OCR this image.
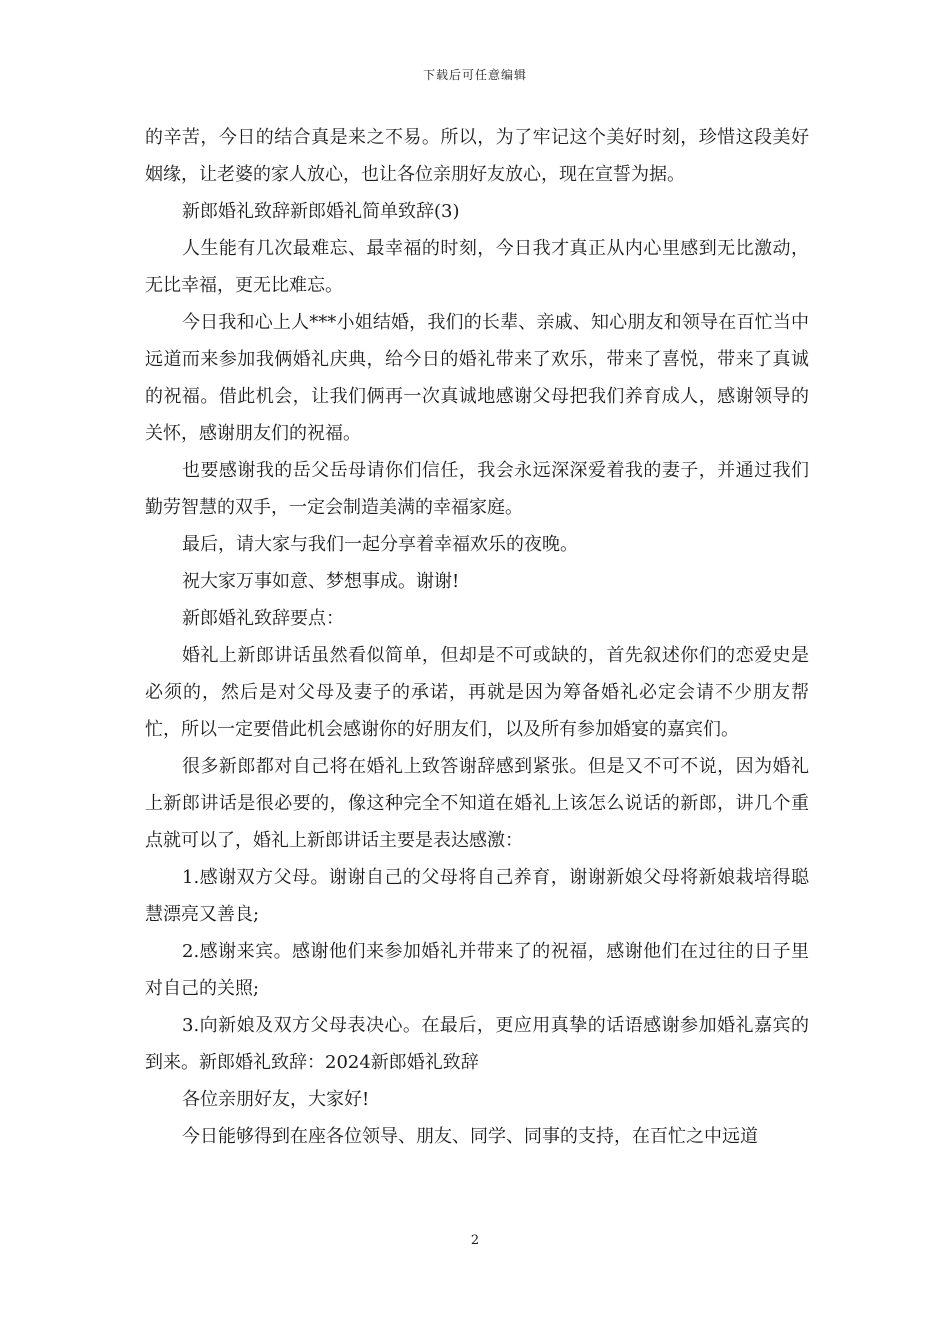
下载后可任意编辑

的辛苦，今日的结合真是来之不易。所以，为了牢记这个美好时刻，珍惜这段美好姻缘，让老婆的家人放心，也让各位亲朋好友放心，现在宣誓为据。

新郎婚礼致辞新郎婚礼简单致辞(3)

人生能有几次最难忘、最幸福的时刻，今日我才真正从内心里感到无比激动，无比幸福，更无比难忘。

今日我和心上人***小姐结婚，我们的长辈、亲戚、知心朋友和领导在百忙当中远道而来参加我俩婚礼庆典，给今日的婚礼带来了欢乐，带来了喜悦，带来了真诚的祝福。借此机会，让我们俩再一次真诚地感谢父母把我们养育成人，感谢领导的关怀，感谢朋友们的祝福。

也要感谢我的岳父岳母请你们信任，我会永远深深爱着我的妻子，并通过我们勤劳智慧的双手，一定会制造美满的幸福家庭。

最后，请大家与我们一起分享着幸福欢乐的夜晚。

祝大家万事如意、梦想事成。谢谢!

新郎婚礼致辞要点：

婚礼上新郎讲话虽然看似简单，但却是不可或缺的，首先叙述你们的恋爱史是必须的，然后是对父母及妻子的承诺，再就是因为筹备婚礼必定会请不少朋友帮忙，所以一定要借此机会感谢你的好朋友们，以及所有参加婚宴的嘉宾们。

很多新郎都对自己将在婚礼上致答谢辞感到紧张。但是又不可不说，因为婚礼上新郎讲话是很必要的，像这种完全不知道在婚礼上该怎么说话的新郎，讲几个重点就可以了，婚礼上新郎讲话主要是表达感激：

1.感谢双方父母。谢谢自己的父母将自己养育，谢谢新娘父母将新娘栽培得聪慧漂亮又善良;

2.感谢来宾。感谢他们来参加婚礼并带来了的祝福，感谢他们在过往的日子里对自己的关照;

3.向新娘及双方父母表决心。在最后，更应用真挚的话语感谢参加婚礼嘉宾的到来。新郎婚礼致辞：2024新郎婚礼致辞

各位亲朋好友，大家好!

今日能够得到在座各位领导、朋友、同学、同事的支持，在百忙之中远道

2
